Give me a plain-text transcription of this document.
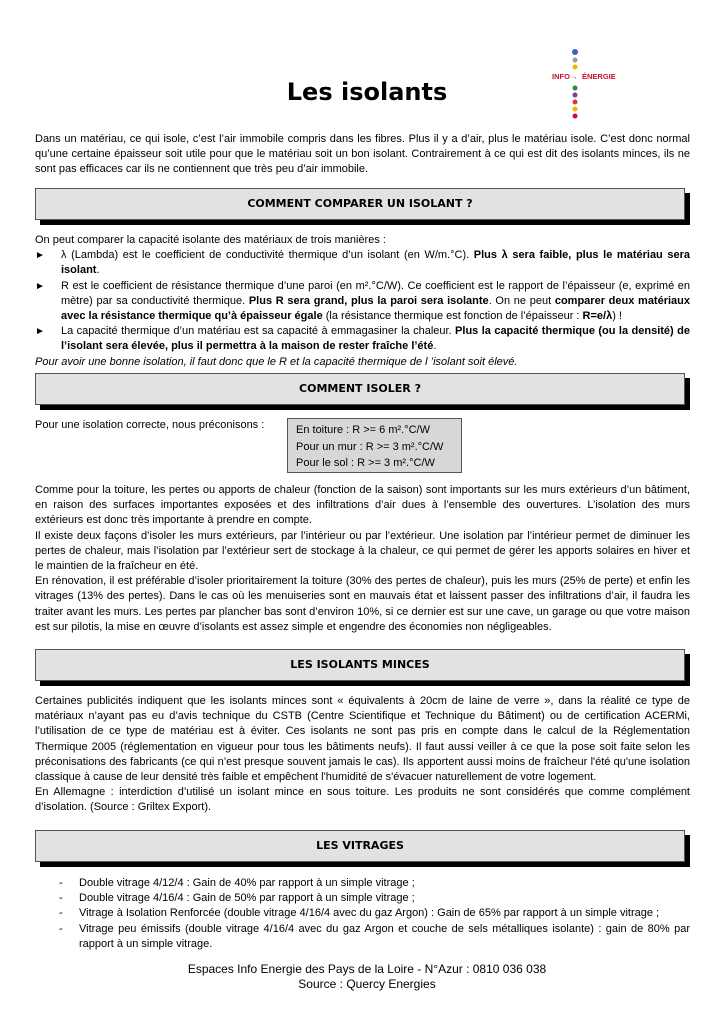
INFO → ÉNERGIE
Les isolants
Dans un matériau, ce qui isole, c’est l’air immobile compris dans les fibres. Plus il y a d’air, plus le matériau isole. C’est donc normal qu’une certaine épaisseur soit utile pour que le matériau soit un bon isolant. Contrairement à ce qui est dit des isolants minces, ils ne sont pas efficaces car ils ne contiennent que très peu d’air immobile.
COMMENT COMPARER UN ISOLANT ?

On peut comparer la capacité isolante des matériaux de trois manières :

► λ (Lambda) est le coefficient de conductivité thermique d’un isolant (en W/m.°C). Plus λ sera faible, plus le matériau sera isolant.

► R est le coefficient de résistance thermique d’une paroi (en m².°C/W). Ce coefficient est le rapport de l’épaisseur (e, exprimé en mètre) par sa conductivité thermique. Plus R sera grand, plus la paroi sera isolante. On ne peut comparer deux matériaux avec la résistance thermique qu’à épaisseur égale (la résistance thermique est fonction de l’épaisseur : R=e/λ) !

► La capacité thermique d’un matériau est sa capacité à emmagasiner la chaleur. Plus la capacité thermique (ou la densité) de l’isolant sera élevée, plus il permettra à la maison de rester fraîche l’été.

Pour avoir une bonne isolation, il faut donc que le R et la capacité thermique de l ’isolant soit élevé.

COMMENT ISOLER ?
Pour une isolation correcte, nous préconisons :	En toiture : R >= 6 m².°C/W
Pour un mur : R >= 3 m².°C/W
Pour le sol : R >= 3 m².°C/W

Comme pour la toiture, les pertes ou apports de chaleur (fonction de la saison) sont importants sur les murs extérieurs d’un bâtiment, en raison des surfaces importantes exposées et des infiltrations d’air dues à l’ensemble des ouvertures. L’isolation des murs extérieurs est donc très importante à prendre en compte.

Il existe deux façons d’isoler les murs extérieurs, par l’intérieur ou par l’extérieur. Une isolation par l’intérieur permet de diminuer les pertes de chaleur, mais l’isolation par l’extérieur sert de stockage à la chaleur, ce qui permet de gérer les apports solaires en hiver et le maintien de la fraîcheur en été.

En rénovation, il est préférable d’isoler prioritairement la toiture (30% des pertes de chaleur), puis les murs (25% de perte) et enfin les vitrages (13% des pertes). Dans le cas où les menuiseries sont en mauvais état et laissent passer des infiltrations d’air, il faudra les traiter avant les murs. Les pertes par plancher bas sont d’environ 10%, si ce dernier est sur une cave, un garage ou que votre maison est sur pilotis, la mise en œuvre d’isolants est assez simple et engendre des économies non négligeables.

LES ISOLANTS MINCES

Certaines publicités indiquent que les isolants minces sont « équivalents à 20cm de laine de verre », dans la réalité ce type de matériaux n’ayant pas eu d’avis technique du CSTB (Centre Scientifique et Technique du Bâtiment) ou de certification ACERMi, l’utilisation de ce type de matériau est à éviter. Ces isolants ne sont pas pris en compte dans le calcul de la Réglementation Thermique 2005 (réglementation en vigueur pour tous les bâtiments neufs). Il faut aussi veiller à ce que la pose soit faite selon les préconisations des fabricants (ce qui n’est presque souvent jamais le cas). Ils apportent aussi moins de fraîcheur l'été qu'une isolation classique à cause de leur densité très faible et empêchent l'humidité de s'évacuer naturellement de votre logement.

En Allemagne : interdiction d’utilisé un isolant mince en sous toiture. Les produits ne sont considérés que comme complément d’isolation. (Source : Griltex Export).

LES VITRAGES
- Double vitrage 4/12/4 : Gain de 40% par rapport à un simple vitrage ;
- Double vitrage 4/16/4 : Gain de 50% par rapport à un simple vitrage ;
- Vitrage à Isolation Renforcée (double vitrage 4/16/4 avec du gaz Argon) : Gain de 65% par rapport à un simple vitrage ;
- Vitrage peu émissifs (double vitrage 4/16/4 avec du gaz Argon et couche de sels métalliques isolante) : gain de 80% par rapport à un simple vitrage.
Espaces Info Energie des Pays de la Loire - N°Azur : 0810 036 038
Source : Quercy Energies
